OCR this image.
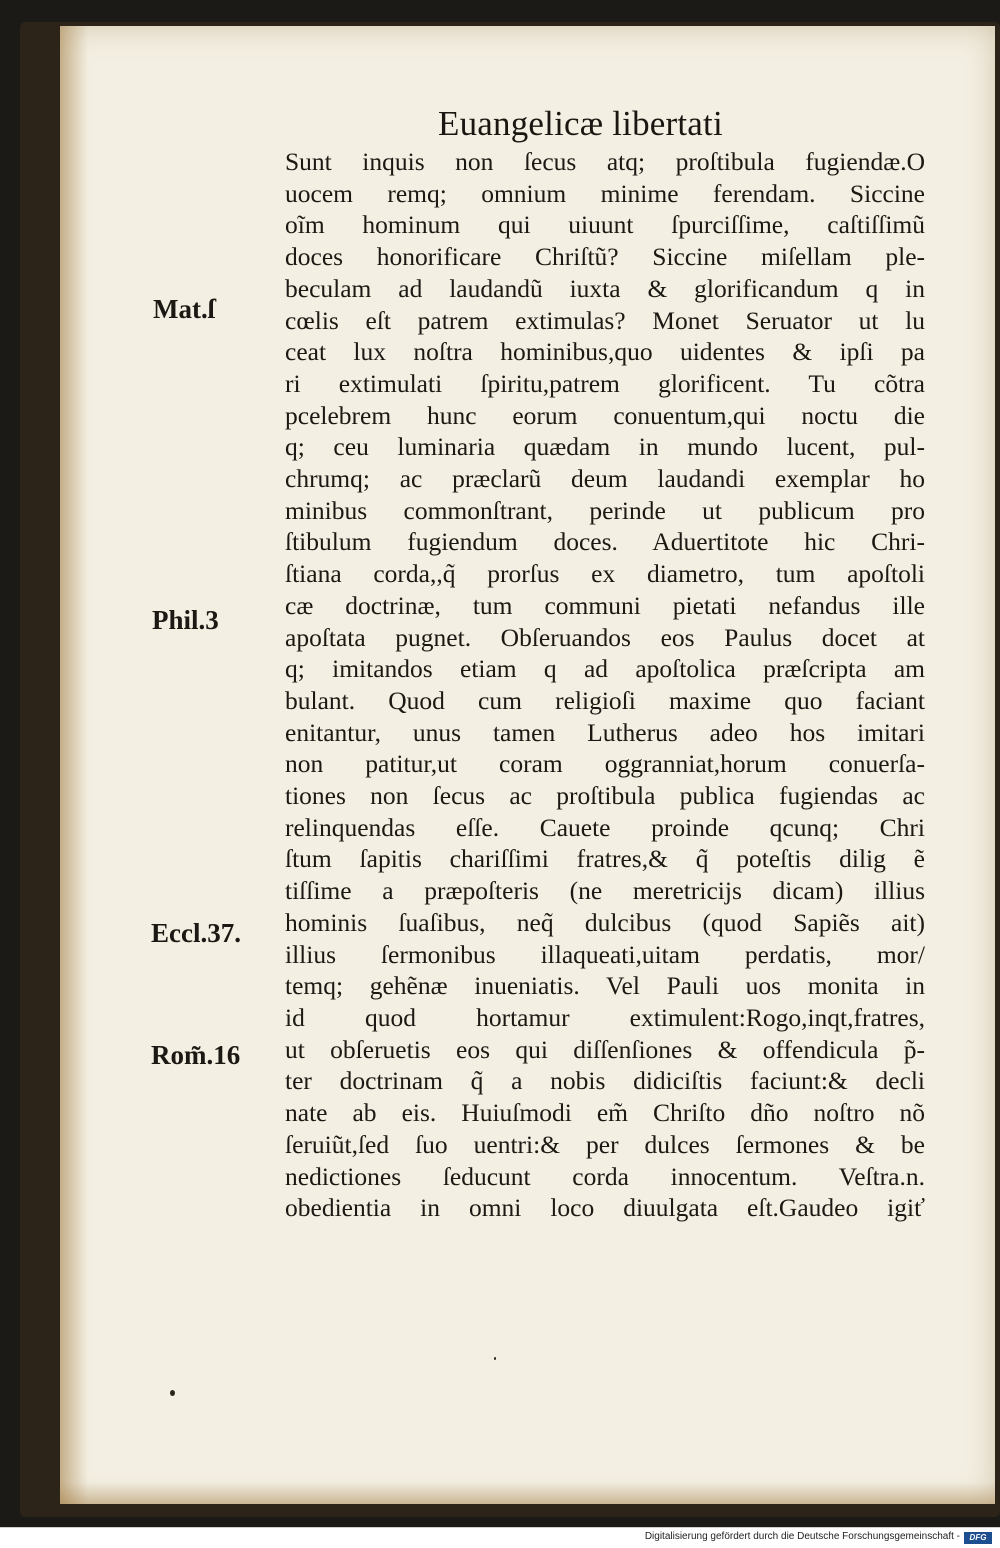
Euangelicæ libertati
Mat.ſ
Phil.3
Eccl.37.
Rom̃.16
Sunt inquis non ſecus atq; proſtibula fugiendæ.O
uocem remq; omnium minime ferendam. Siccine
oĩm hominum qui uiuunt ſpurciſſime, caſtiſſimũ
doces honorificare Chriſtũ? Siccine miſellam ple-
beculam ad laudandũ iuxta & glorificandum q in
cœlis eſt patrem extimulas? Monet Seruator ut lu
ceat lux noſtra hominibus,quo uidentes & ipſi pa
ri extimulati ſpiritu,patrem glorificent. Tu cõtra
pcelebrem hunc eorum conuentum,qui noctu die
q; ceu luminaria quædam in mundo lucent, pul-
chrumq; ac præclarũ deum laudandi exemplar ho
minibus commonſtrant, perinde ut publicum pro
ſtibulum fugiendum doces. Aduertitote hic Chri-
ſtiana corda,,q̃ prorſus ex diametro, tum apoſtoli
cæ doctrinæ, tum communi pietati nefandus ille
apoſtata pugnet. Obſeruandos eos Paulus docet at
q; imitandos etiam q ad apoſtolica præſcripta am
bulant. Quod cum religioſi maxime quo faciant
enitantur, unus tamen Lutherus adeo hos imitari
non patitur,ut coram oggranniat,horum conuerſa-
tiones non ſecus ac proſtibula publica fugiendas ac
relinquendas eſſe. Cauete proinde qcunq; Chri
ſtum ſapitis chariſſimi fratres,& q̃ poteſtis dilig ẽ
tiſſime a præpoſteris (ne meretricijs dicam) illius
hominis ſuaſibus, neq̃ dulcibus (quod Sapiẽs ait)
illius ſermonibus illaqueati,uitam perdatis, mor/
temq; gehẽnæ inueniatis. Vel Pauli uos monita in
id quod hortamur extimulent:Rogo,inqt,fratres,
ut obſeruetis eos qui diſſenſiones & offendicula p̃-
ter doctrinam q̃ a nobis didiciſtis faciunt:& decli
nate ab eis. Huiuſmodi em̃ Chriſto dño noſtro nõ
ſeruiũt,ſed ſuo uentri:& per dulces ſermones & be
nedictiones ſeducunt corda innocentum. Veſtra.n.
obedientia in omni loco diuulgata eſt.Gaudeo igiť
Digitalisierung gefördert durch die Deutsche Forschungsgemeinschaft -	DFG
